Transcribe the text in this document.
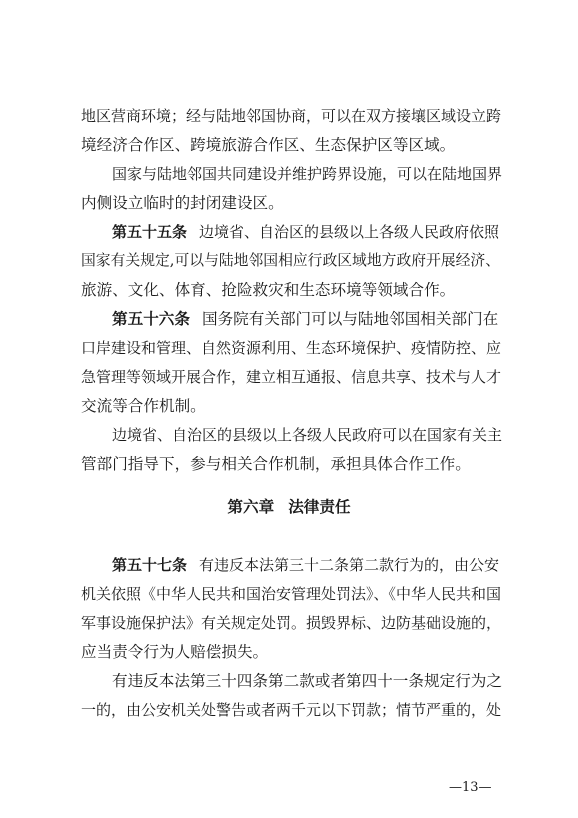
地区营商环境；经与陆地邻国协商，可以在双方接壤区域设立跨
境经济合作区、跨境旅游合作区、生态保护区等区域。
国家与陆地邻国共同建设并维护跨界设施，可以在陆地国界
内侧设立临时的封闭建设区。
第五十五条 边境省、自治区的县级以上各级人民政府依照
国家有关规定,可以与陆地邻国相应行政区域地方政府开展经济、
旅游、文化、体育、抢险救灾和生态环境等领域合作。
第五十六条 国务院有关部门可以与陆地邻国相关部门在
口岸建设和管理、自然资源利用、生态环境保护、疫情防控、应
急管理等领域开展合作，建立相互通报、信息共享、技术与人才
交流等合作机制。
边境省、自治区的县级以上各级人民政府可以在国家有关主
管部门指导下，参与相关合作机制，承担具体合作工作。
第六章 法律责任
第五十七条 有违反本法第三十二条第二款行为的，由公安
机关依照《中华人民共和国治安管理处罚法》、《中华人民共和国
军事设施保护法》有关规定处罚。损毁界标、边防基础设施的，
应当责令行为人赔偿损失。
有违反本法第三十四条第二款或者第四十一条规定行为之
一的，由公安机关处警告或者两千元以下罚款；情节严重的，处
—13—
